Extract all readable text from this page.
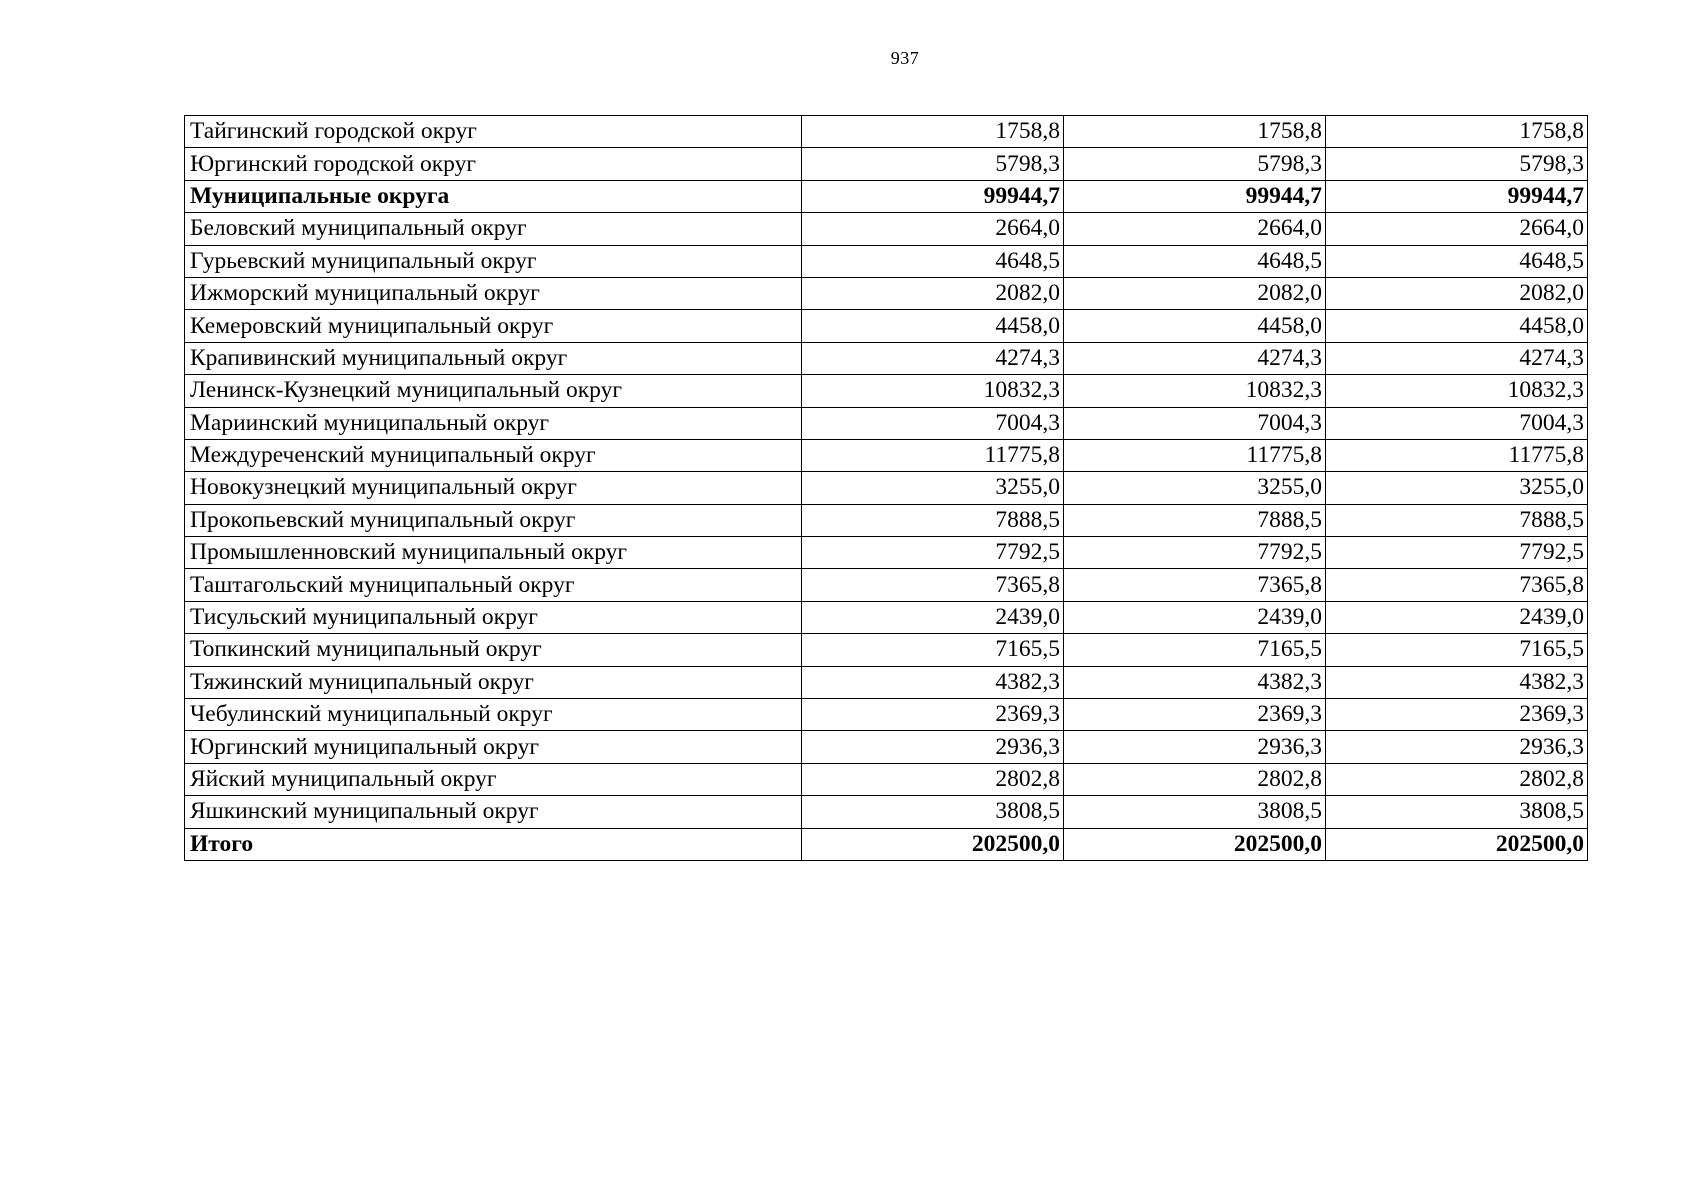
937
Тайгинский городской округ	1758,8	1758,8	1758,8
Юргинский городской округ	5798,3	5798,3	5798,3
Муниципальные округа	99944,7	99944,7	99944,7
Беловский муниципальный округ	2664,0	2664,0	2664,0
Гурьевский муниципальный округ	4648,5	4648,5	4648,5
Ижморский муниципальный округ	2082,0	2082,0	2082,0
Кемеровский муниципальный округ	4458,0	4458,0	4458,0
Крапивинский муниципальный округ	4274,3	4274,3	4274,3
Ленинск-Кузнецкий муниципальный округ	10832,3	10832,3	10832,3
Мариинский муниципальный округ	7004,3	7004,3	7004,3
Междуреченский муниципальный округ	11775,8	11775,8	11775,8
Новокузнецкий муниципальный округ	3255,0	3255,0	3255,0
Прокопьевский муниципальный округ	7888,5	7888,5	7888,5
Промышленновский муниципальный округ	7792,5	7792,5	7792,5
Таштагольский муниципальный округ	7365,8	7365,8	7365,8
Тисульский муниципальный округ	2439,0	2439,0	2439,0
Топкинский муниципальный округ	7165,5	7165,5	7165,5
Тяжинский муниципальный округ	4382,3	4382,3	4382,3
Чебулинский муниципальный округ	2369,3	2369,3	2369,3
Юргинский муниципальный округ	2936,3	2936,3	2936,3
Яйский муниципальный округ	2802,8	2802,8	2802,8
Яшкинский муниципальный округ	3808,5	3808,5	3808,5
Итого	202500,0	202500,0	202500,0
